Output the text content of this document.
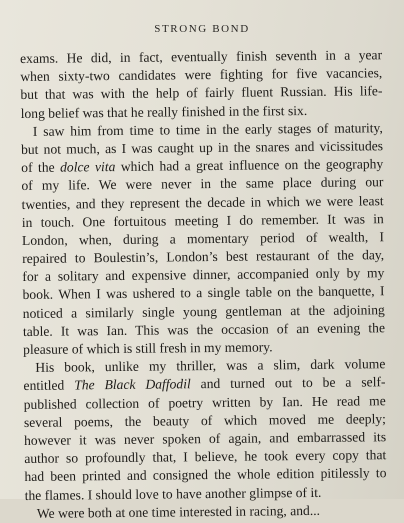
STRONG BOND
exams. He did, in fact, eventually finish seventh in a year
when sixty-two candidates were fighting for five vacancies,
but that was with the help of fairly fluent Russian. His life-
long belief was that he really finished in the first six.
I saw him from time to time in the early stages of maturity,
but not much, as I was caught up in the snares and vicissitudes
of the dolce vita which had a great influence on the geography
of my life. We were never in the same place during our
twenties, and they represent the decade in which we were least
in touch. One fortuitous meeting I do remember. It was in
London, when, during a momentary period of wealth, I
repaired to Boulestin’s, London’s best restaurant of the day,
for a solitary and expensive dinner, accompanied only by my
book. When I was ushered to a single table on the banquette, I
noticed a similarly single young gentleman at the adjoining
table. It was Ian. This was the occasion of an evening the
pleasure of which is still fresh in my memory.
His book, unlike my thriller, was a slim, dark volume
entitled The Black Daffodil and turned out to be a self-
published collection of poetry written by Ian. He read me
several poems, the beauty of which moved me deeply;
however it was never spoken of again, and embarrassed its
author so profoundly that, I believe, he took every copy that
had been printed and consigned the whole edition pitilessly to
the flames. I should love to have another glimpse of it.
We were both at one time interested in racing, and...
